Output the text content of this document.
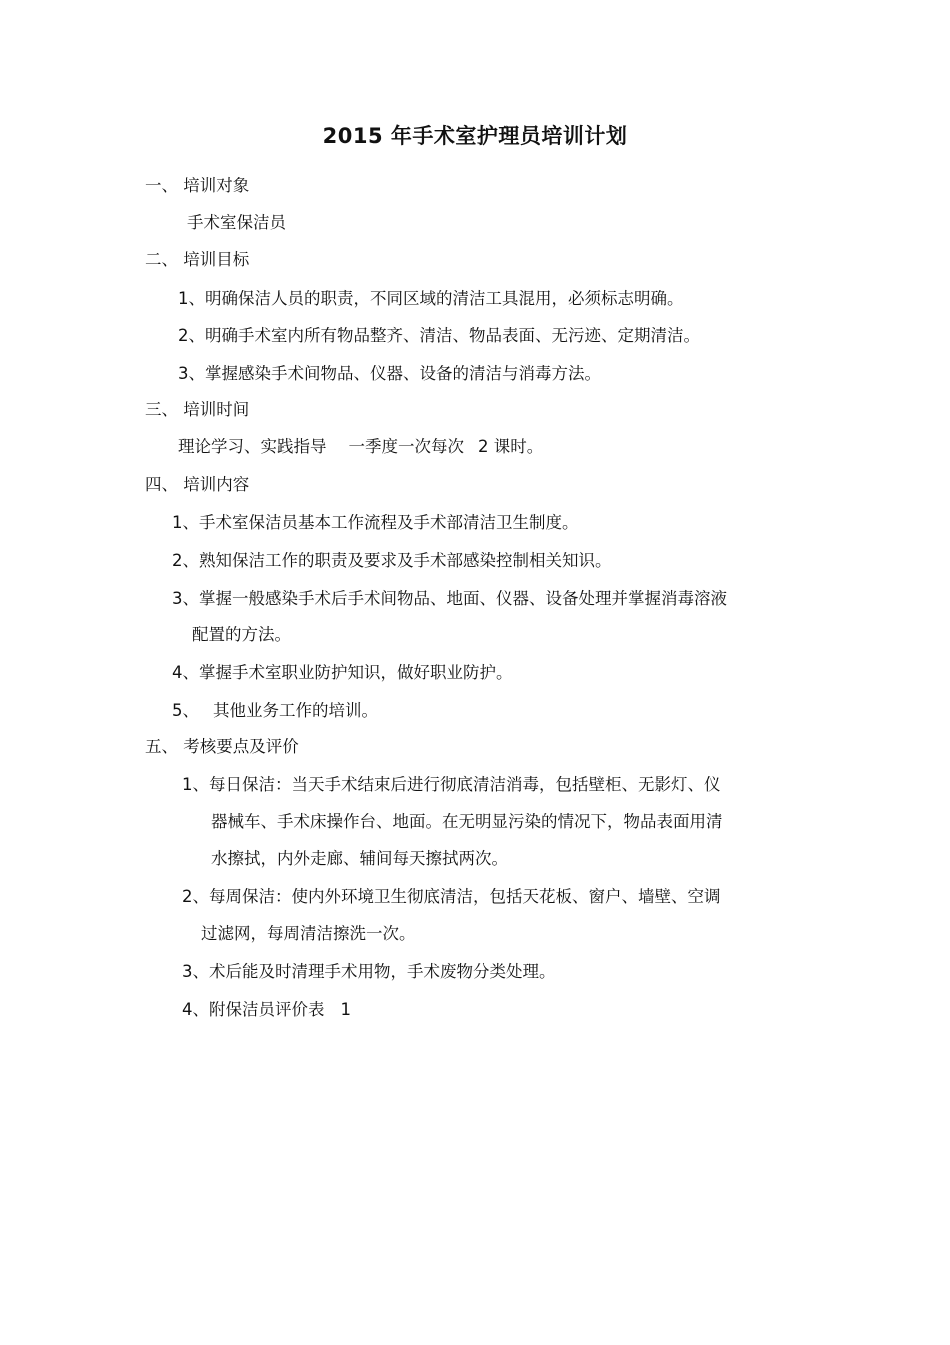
2015 年手术室护理员培训计划
一、 培训对象
手术室保洁员
二、 培训目标
1、明确保洁人员的职责，不同区域的清洁工具混用，必须标志明确。
2、明确手术室内所有物品整齐、清洁、物品表面、无污迹、定期清洁。
3、掌握感染手术间物品、仪器、设备的清洁与消毒方法。
三、 培训时间
理论学习、实践指导 一季度一次每次 2 课时。
四、 培训内容
1、手术室保洁员基本工作流程及手术部清洁卫生制度。
2、熟知保洁工作的职责及要求及手术部感染控制相关知识。
3、掌握一般感染手术后手术间物品、地面、仪器、设备处理并掌握消毒溶液
配置的方法。
4、掌握手术室职业防护知识，做好职业防护。
5、 其他业务工作的培训。
五、 考核要点及评价
1、每日保洁：当天手术结束后进行彻底清洁消毒，包括壁柜、无影灯、仪
器械车、手术床操作台、地面。在无明显污染的情况下，物品表面用清
水擦拭，内外走廊、辅间每天擦拭两次。
2、每周保洁：使内外环境卫生彻底清洁，包括天花板、窗户、墙壁、空调
过滤网，每周清洁擦洗一次。
3、术后能及时清理手术用物，手术废物分类处理。
4、附保洁员评价表 1
